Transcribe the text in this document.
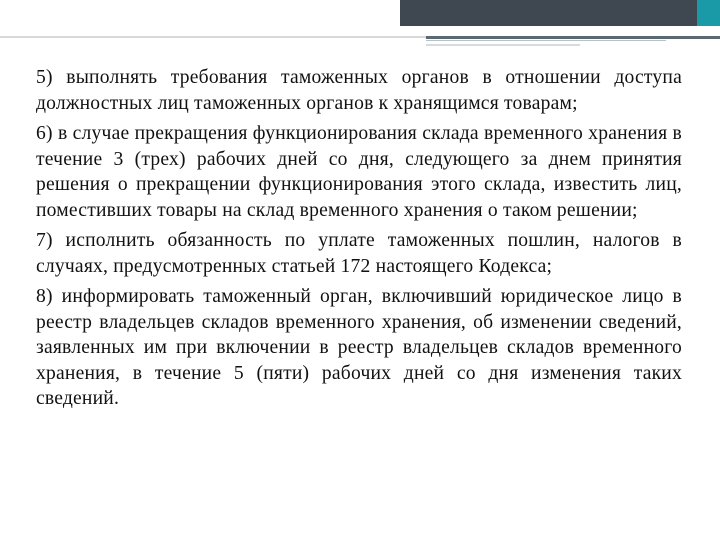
5) выполнять требования таможенных органов в отношении доступа должностных лиц таможенных органов к хранящимся товарам;

6) в случае прекращения функционирования склада временного хранения в течение 3 (трех) рабочих дней со дня, следующего за днем принятия решения о прекращении функционирования этого склада, известить лиц, поместивших товары на склад временного хранения о таком решении;

7) исполнить обязанность по уплате таможенных пошлин, налогов в случаях, предусмотренных статьей 172 настоящего Кодекса;

8) информировать таможенный орган, включивший юридическое лицо в реестр владельцев складов временного хранения, об изменении сведений, заявленных им при включении в реестр владельцев складов временного хранения, в течение 5 (пяти) рабочих дней со дня изменения таких сведений.
